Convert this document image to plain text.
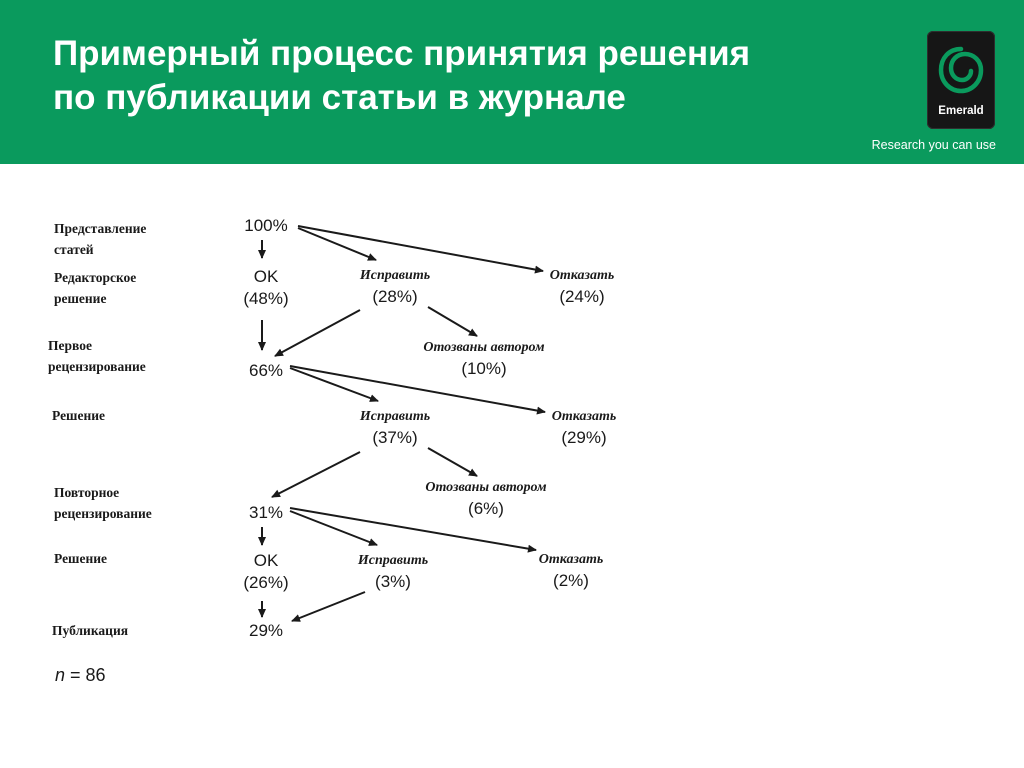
Примерный процесс принятия решения
по публикации статьи в журнале	Emerald
Research you can use
Представление
статей
Редакторское
решение
Первое
рецензирование
Решение
Повторное
рецензирование
Решение
Публикация
100%
OK
(48%)
Исправить
(28%)
Отказать
(24%)
Отозваны автором
(10%)
66%
Исправить
(37%)
Отказать
(29%)
Отозваны автором
(6%)
31%
OK
(26%)
Исправить
(3%)
Отказать
(2%)
29%
n = 86
